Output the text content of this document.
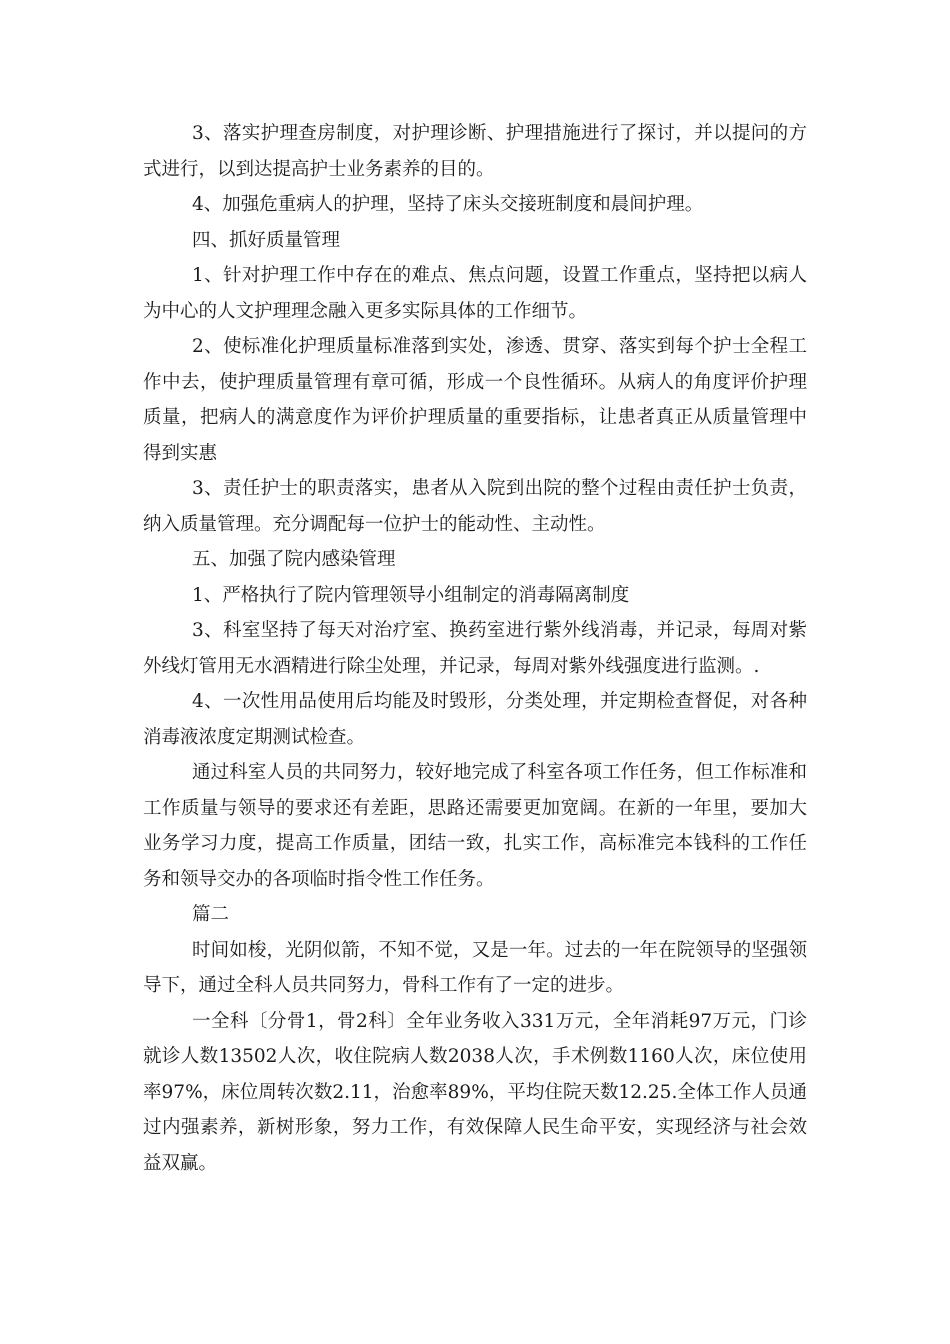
3、落实护理查房制度，对护理诊断、护理措施进行了探讨，并以提问的方式进行，以到达提高护士业务素养的目的。

4、加强危重病人的护理，坚持了床头交接班制度和晨间护理。

四、抓好质量管理

1、针对护理工作中存在的难点、焦点问题，设置工作重点，坚持把以病人为中心的人文护理理念融入更多实际具体的工作细节。

2、使标准化护理质量标准落到实处，渗透、贯穿、落实到每个护士全程工作中去，使护理质量管理有章可循，形成一个良性循环。从病人的角度评价护理质量，把病人的满意度作为评价护理质量的重要指标，让患者真正从质量管理中得到实惠

3、责任护士的职责落实，患者从入院到出院的整个过程由责任护士负责，纳入质量管理。充分调配每一位护士的能动性、主动性。

五、加强了院内感染管理

1、严格执行了院内管理领导小组制定的消毒隔离制度

3、科室坚持了每天对治疗室、换药室进行紫外线消毒，并记录，每周对紫外线灯管用无水酒精进行除尘处理，并记录，每周对紫外线强度进行监测。.

4、一次性用品使用后均能及时毁形，分类处理，并定期检查督促，对各种消毒液浓度定期测试检查。

通过科室人员的共同努力，较好地完成了科室各项工作任务，但工作标准和工作质量与领导的要求还有差距，思路还需要更加宽阔。在新的一年里，要加大业务学习力度，提高工作质量，团结一致，扎实工作，高标准完本钱科的工作任务和领导交办的各项临时指令性工作任务。

篇二

时间如梭，光阴似箭，不知不觉，又是一年。过去的一年在院领导的坚强领导下，通过全科人员共同努力，骨科工作有了一定的进步。

一全科〔分骨1，骨2科〕全年业务收入331万元，全年消耗97万元，门诊就诊人数13502人次，收住院病人数2038人次，手术例数1160人次，床位使用率97%，床位周转次数2.11，治愈率89%，平均住院天数12.25.全体工作人员通过内强素养，新树形象，努力工作，有效保障人民生命平安，实现经济与社会效益双赢。
